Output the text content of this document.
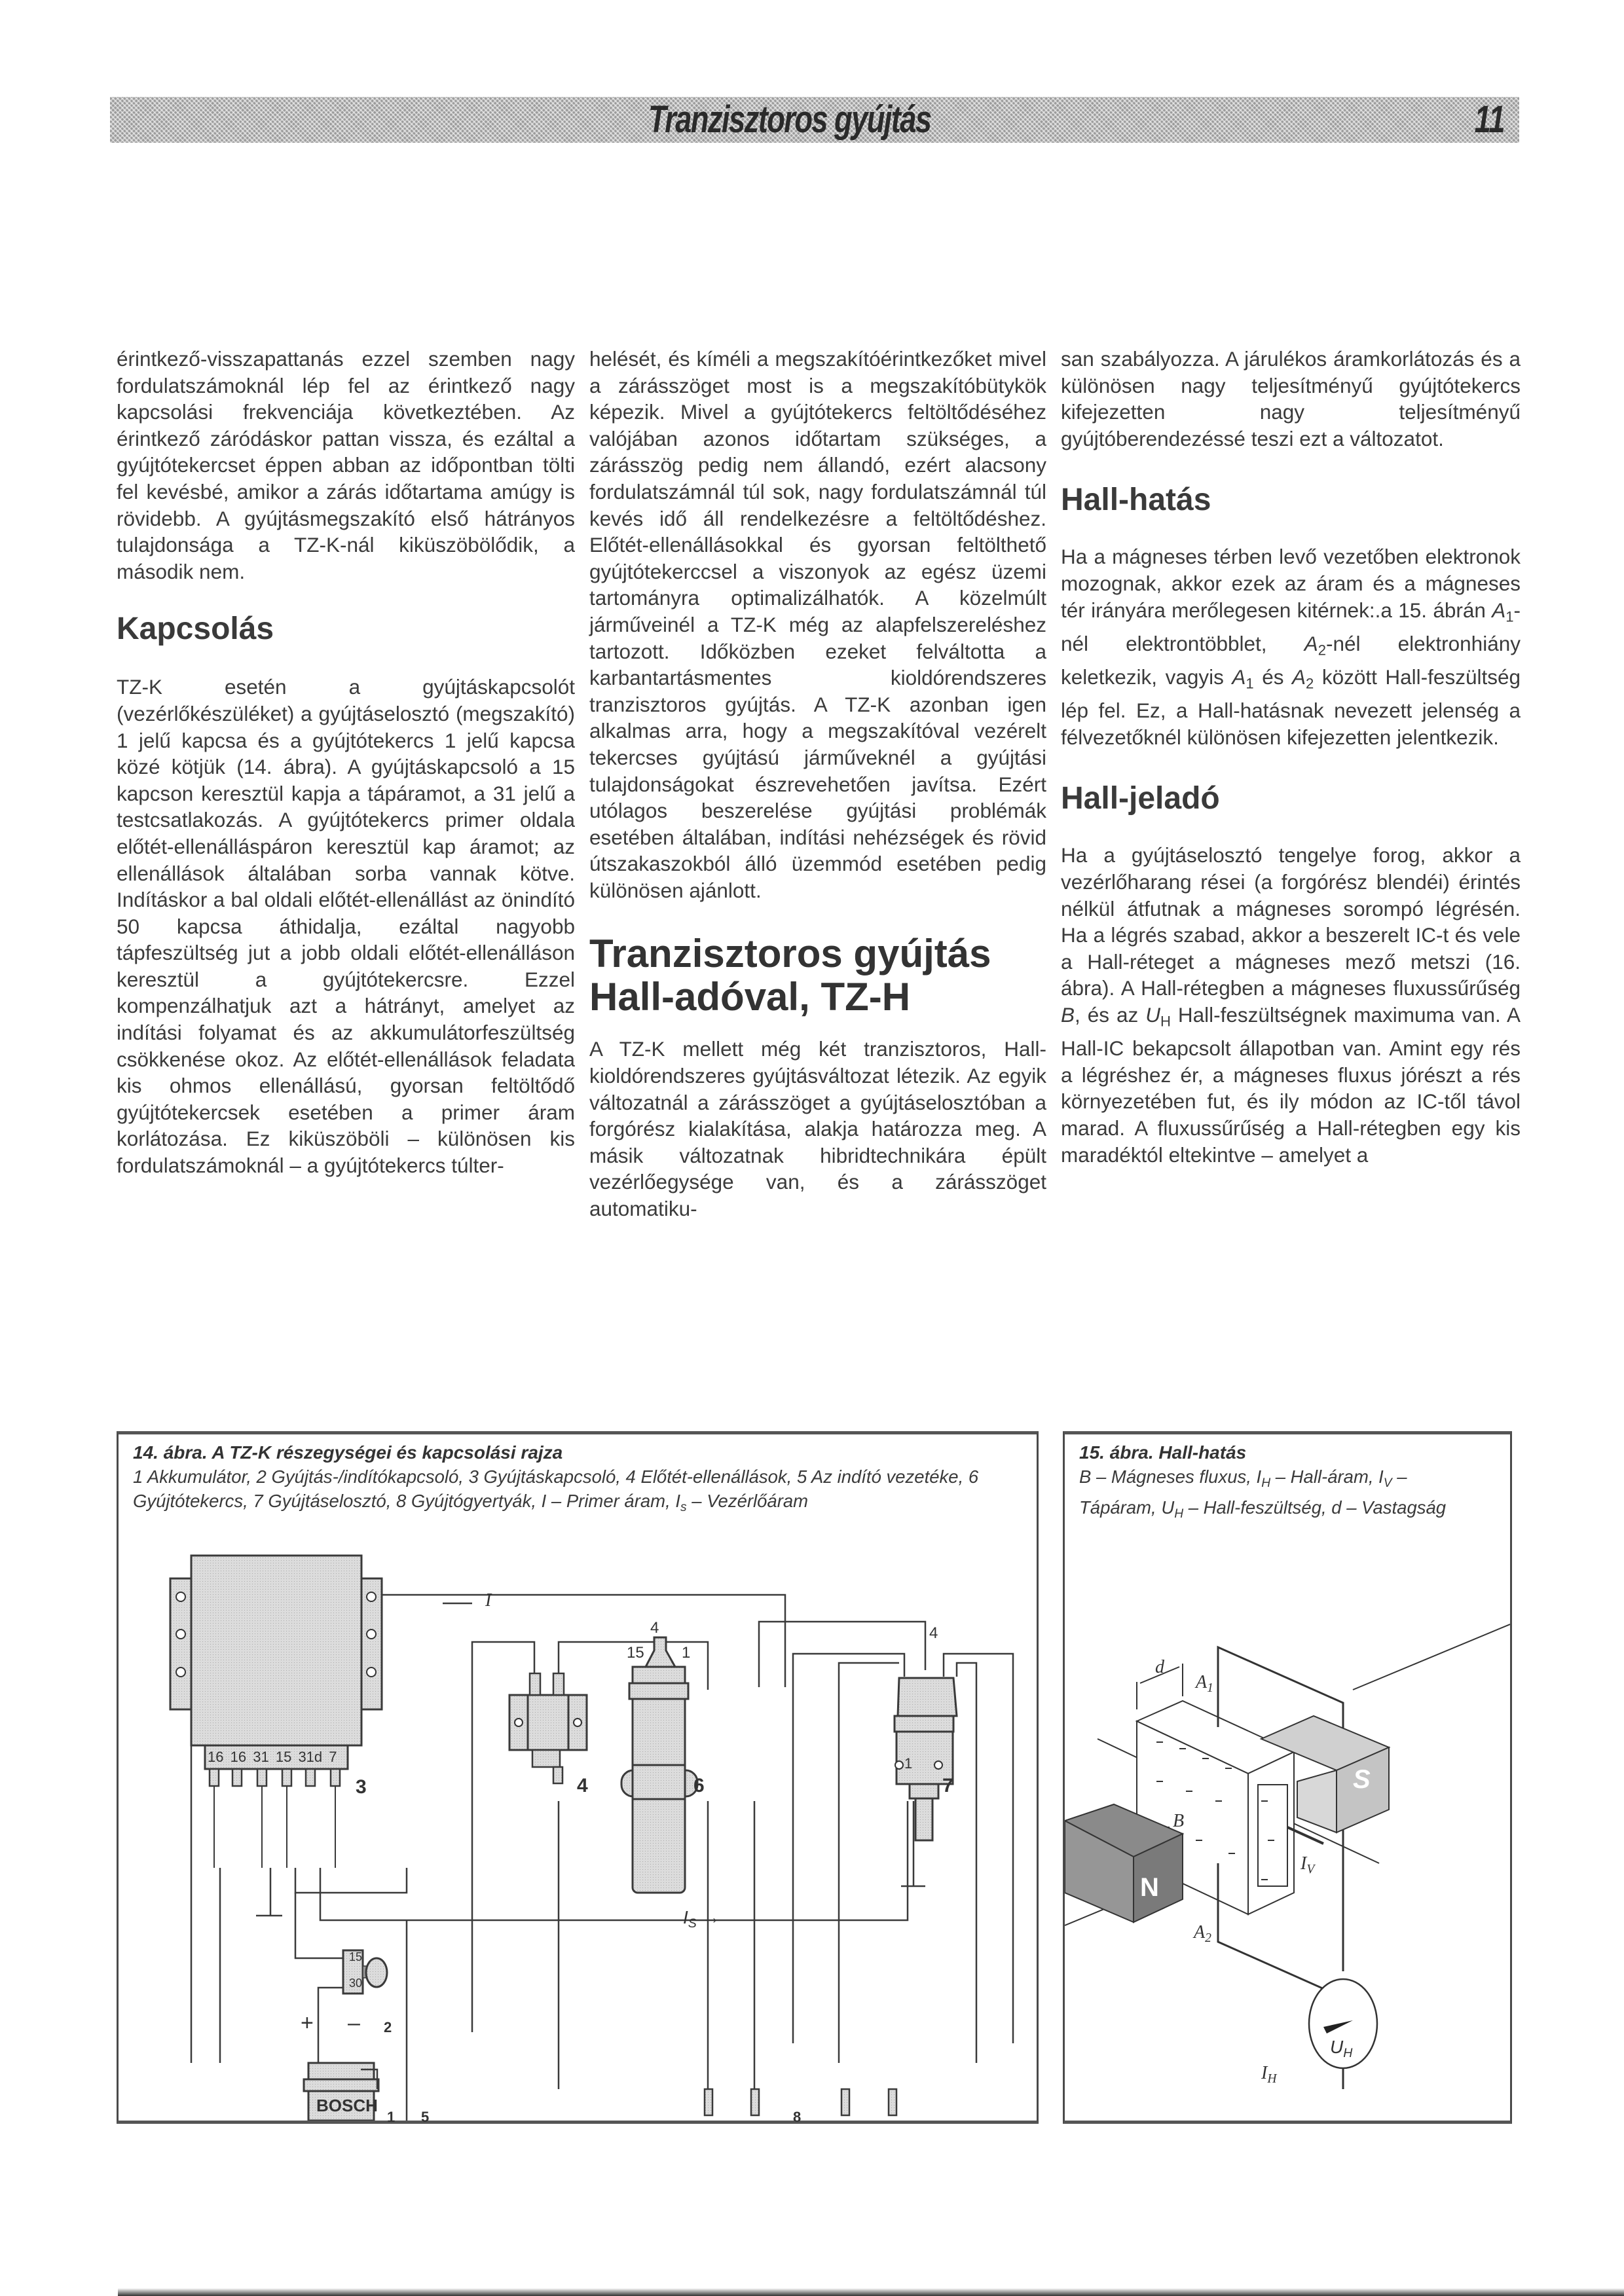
Tranzisztoros gyújtás	11

érintkező-visszapattanás ezzel szemben nagy fordulatszámoknál lép fel az érintkező nagy kapcsolási frekvenciája következtében. Az érintkező záródáskor pattan vissza, és ezáltal a gyújtótekercset éppen abban az időpontban tölti fel kevésbé, amikor a zárás időtartama amúgy is rövidebb. A gyújtásmegszakító első hátrányos tulajdonsága a TZ-K-nál kiküszöbölődik, a második nem.

Kapcsolás

TZ-K esetén a gyújtáskapcsolót (vezérlőkészüléket) a gyújtáselosztó (megszakító) 1 jelű kapcsa és a gyújtótekercs 1 jelű kapcsa közé kötjük (14. ábra). A gyújtáskapcsoló a 15 kapcson keresztül kapja a tápáramot, a 31 jelű a testcsatlakozás. A gyújtótekercs primer oldala előtét-ellenálláspáron keresztül kap áramot; az ellenállások általában sorba vannak kötve. Indításkor a bal oldali előtét-ellenállást az önindító 50 kapcsa áthidalja, ezáltal nagyobb tápfeszültség jut a jobb oldali előtét-ellenálláson keresztül a gyújtótekercsre. Ezzel kompenzálhatjuk azt a hátrányt, amelyet az indítási folyamat és az akkumulátorfeszültség csökkenése okoz. Az előtét-ellenállások feladata kis ohmos ellenállású, gyorsan feltöltődő gyújtótekercsek esetében a primer áram korlátozása. Ez kiküszöböli – különösen kis fordulatszámoknál – a gyújtótekercs túlter-

helését, és kíméli a megszakítóérintkezőket mivel a zárásszöget most is a megszakítóbütykök képezik. Mivel a gyújtótekercs feltöltődéséhez valójában azonos időtartam szükséges, a zárásszög pedig nem állandó, ezért alacsony fordulatszámnál túl sok, nagy fordulatszámnál túl kevés idő áll rendelkezésre a feltöltődéshez. Előtét-ellenállásokkal és gyorsan feltölthető gyújtótekerccsel a viszonyok az egész üzemi tartományra optimalizálhatók. A közelmúlt járműveinél a TZ-K még az alapfelszereléshez tartozott. Időközben ezeket felváltotta a karbantartásmentes kioldórendszeres tranzisztoros gyújtás. A TZ-K azonban igen alkalmas arra, hogy a megszakítóval vezérelt tekercses gyújtású járműveknél a gyújtási tulajdonságokat észrevehetően javítsa. Ezért utólagos beszerelése gyújtási problémák esetében általában, indítási nehézségek és rövid útszakaszokból álló üzemmód esetében pedig különösen ajánlott.

Tranzisztoros gyújtás
Hall-adóval, TZ-H

A TZ-K mellett még két tranzisztoros, Hall-kioldórendszeres gyújtásváltozat létezik. Az egyik változatnál a zárásszöget a gyújtáselosztóban a forgórész kialakítása, alakja határozza meg. A másik változatnak hibridtechnikára épült vezérlőegysége van, és a zárásszöget automatiku-

san szabályozza. A járulékos áramkorlátozás és a különösen nagy teljesítményű gyújtótekercs kifejezetten nagy teljesítményű gyújtóberendezéssé teszi ezt a változatot.

Hall-hatás

Ha a mágneses térben levő vezetőben elektronok mozognak, akkor ezek az áram és a mágneses tér irányára merőlegesen kitérnek:.a 15. ábrán $A_1$-nél elektrontöbblet, $A_2$-nél elektronhiány keletkezik, vagyis $A_1$ és $A_2$ között Hall-feszültség lép fel. Ez, a Hall-hatásnak nevezett jelenség a félvezetőknél különösen kifejezetten jelentkezik.

Hall-jeladó

Ha a gyújtáselosztó tengelye forog, akkor a vezérlőharang rései (a forgórész blendéi) érintés nélkül átfutnak a mágneses sorompó légrésén. Ha a légrés szabad, akkor a beszerelt IC-t és vele a Hall-réteget a mágneses mező metszi (16. ábra). A Hall-rétegben a mágneses fluxussűrűség B, és az $U_H$ Hall-feszültségnek maximuma van. A Hall-IC bekapcsolt állapotban van. Amint egy rés a légréshez ér, a mágneses fluxus jórészt a rés környezetében fut, és ily módon az IC-től távol marad. A fluxussűrűség a Hall-rétegben egy kis maradéktól eltekintve – amelyet a

14. ábra. A TZ-K részegységei és kapcsolási rajza
1 Akkumulátor, 2 Gyújtás-/indítókapcsoló, 3 Gyújtáskapcsoló, 4 Előtét-ellenállások, 5 Az indító vezetéke, 6 Gyújtótekercs, 7 Gyújtáselosztó, 8 Gyújtógyertyák, I – Primer áram, $I_s$ – Vezérlőáram
I
$I_S$ →
16 16 31 15 31d 7
15
4
1
4
1
15
30
BOSCH
+ –
1
2
3	4
5
6	7
8
15. ábra. Hall-hatás
B – Mágneses fluxus, $I_H$ – Hall-áram, $I_V$ –
Tápáram, $U_H$ – Hall-feszültség, d – Vastagság
d
$A_1$
$A_2$
B
N
S
$I_V$
$I_H$
$U_H$
